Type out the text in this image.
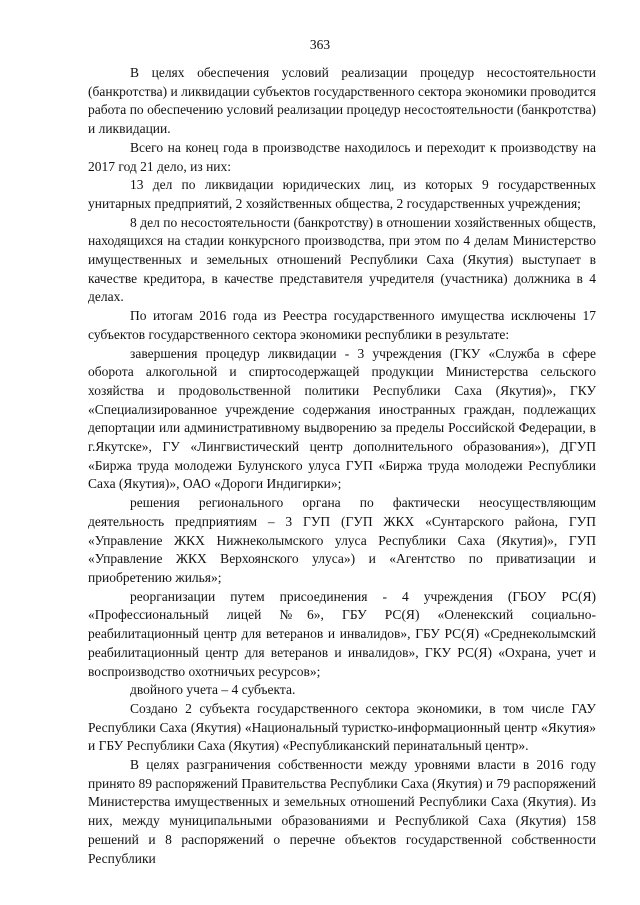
363

В целях обеспечения условий реализации процедур несостоятельности (банкротства) и ликвидации субъектов государственного сектора экономики проводится работа по обеспечению условий реализации процедур несостоятельности (банкротства) и ликвидации.

Всего на конец года в производстве находилось и переходит к производству на 2017 год 21 дело, из них:

13 дел по ликвидации юридических лиц, из которых 9 государственных унитарных предприятий, 2 хозяйственных общества, 2 государственных учреждения;

8 дел по несостоятельности (банкротству) в отношении хозяйственных обществ, находящихся на стадии конкурсного производства, при этом по 4 делам Министерство имущественных и земельных отношений Республики Саха (Якутия) выступает в качестве кредитора, в качестве представителя учредителя (участника) должника в 4 делах.

По итогам 2016 года из Реестра государственного имущества исключены 17 субъектов государственного сектора экономики республики в результате:

завершения процедур ликвидации - 3 учреждения (ГКУ «Служба в сфере оборота алкогольной и спиртосодержащей продукции Министерства сельского хозяйства и продовольственной политики Республики Саха (Якутия)», ГКУ «Специализированное учреждение содержания иностранных граждан, подлежащих депортации или административному выдворению за пределы Российской Федерации, в г.Якутске», ГУ «Лингвистический центр дополнительного образования»), ДГУП «Биржа труда молодежи Булунского улуса ГУП «Биржа труда молодежи Республики Саха (Якутия)», ОАО «Дороги Индигирки»;

решения регионального органа по фактически неосуществляющим деятельность предприятиям – 3 ГУП (ГУП ЖКХ «Сунтарского района, ГУП «Управление ЖКХ Нижнеколымского улуса Республики Саха (Якутия)», ГУП «Управление ЖКХ Верхоянского улуса») и «Агентство по приватизации и приобретению жилья»;

реорганизации путем присоединения - 4 учреждения (ГБОУ РС(Я) «Профессиональный лицей №6», ГБУ РС(Я) «Оленекский социально-реабилитационный центр для ветеранов и инвалидов», ГБУ РС(Я) «Среднеколымский реабилитационный центр для ветеранов и инвалидов», ГКУ РС(Я) «Охрана, учет и воспроизводство охотничьих ресурсов»;

двойного учета – 4 субъекта.

Создано 2 субъекта государственного сектора экономики, в том числе ГАУ Республики Саха (Якутия) «Национальный туристко-информационный центр «Якутия» и ГБУ Республики Саха (Якутия) «Республиканский перинатальный центр».

В целях разграничения собственности между уровнями власти в 2016 году принято 89 распоряжений Правительства Республики Саха (Якутия) и 79 распоряжений Министерства имущественных и земельных отношений Республики Саха (Якутия). Из них, между муниципальными образованиями и Республикой Саха (Якутия) 158 решений и 8 распоряжений о перечне объектов государственной собственности Республики
